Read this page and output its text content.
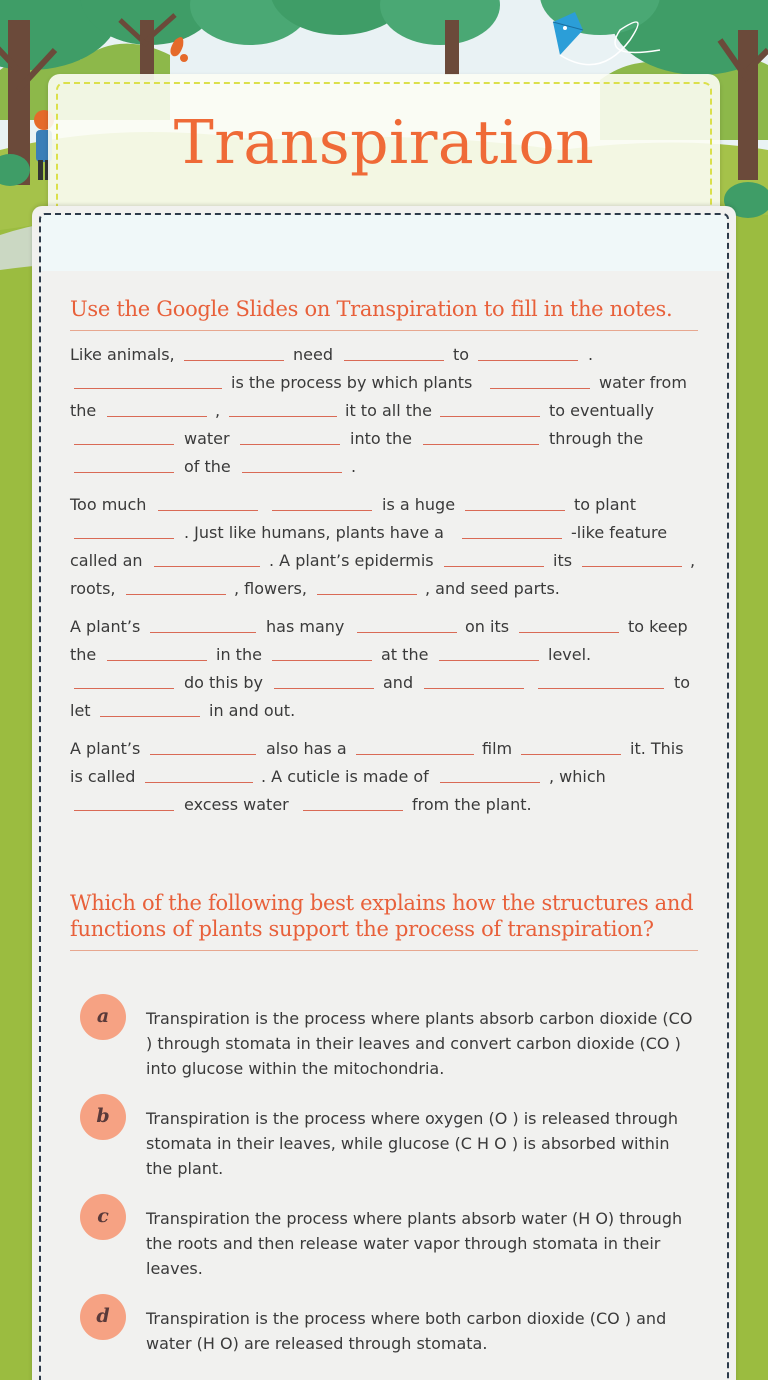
Transpiration
Use the Google Slides on Transpiration to fill in the notes.
Like animals,	need	to	.
is the process by which plants	water from
the	,	it to all the	to eventually
water	into the	through the
of the	.
Too much	is a huge	to plant
. Just like humans, plants have a	-like feature
called an	. A plant’s epidermis	its	,
roots,	, flowers,	, and seed parts.
A plant’s	has many	on its	to keep
the	in the	at the	level.
do this by	and	to
let	in and out.
A plant’s	also has a	film	it. This
is called	. A cuticle is made of	, which
excess water	from the plant.
Which of the following best explains how the structures and functions of plants support the process of transpiration?
a	Transpiration is the process where plants absorb carbon dioxide (CO ) through stomata in their leaves and convert carbon dioxide (CO ) into glucose within the mitochondria.
b	Transpiration is the process where oxygen (O ) is released through stomata in their leaves, while glucose (C H O ) is absorbed within the plant.
c	Transpiration the process where plants absorb water (H O) through the roots and then release water vapor through stomata in their leaves.
d	Transpiration is the process where both carbon dioxide (CO ) and water (H O) are released through stomata.
